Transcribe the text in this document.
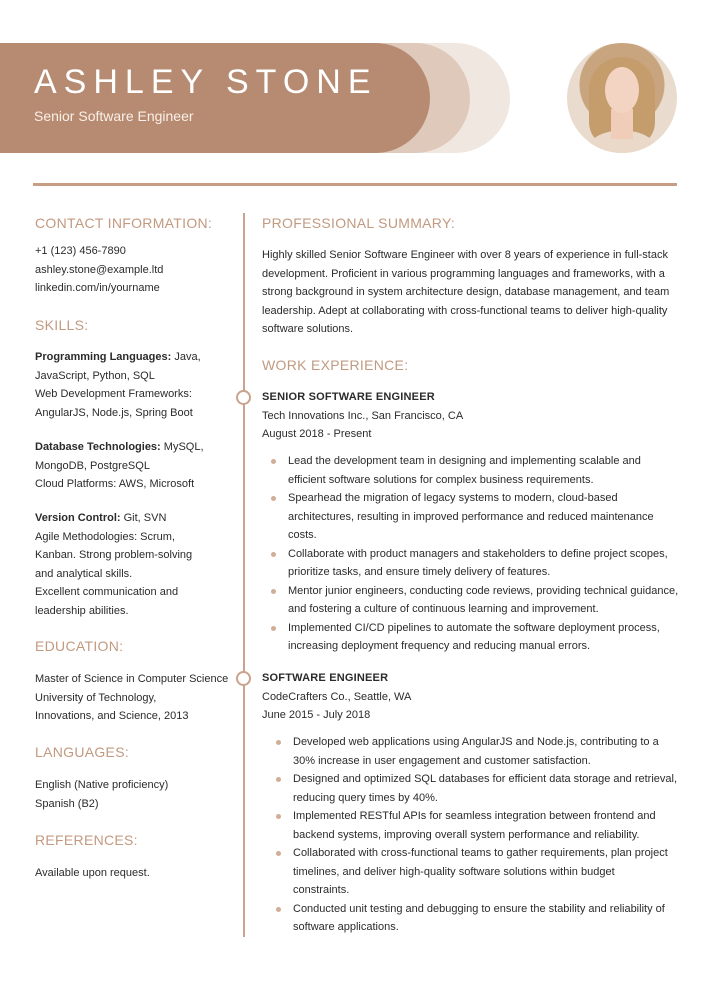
ASHLEY STONE
Senior Software Engineer
CONTACT INFORMATION:

+1 (123) 456-7890

ashley.stone@example.ltd

linkedin.com/in/yourname

SKILLS:

Programming Languages: Java,

JavaScript, Python, SQL

Web Development Frameworks:

AngularJS, Node.js, Spring Boot

Database Technologies: MySQL,

MongoDB, PostgreSQL

Cloud Platforms: AWS, Microsoft

Version Control: Git, SVN

Agile Methodologies: Scrum,

Kanban. Strong problem-solving

and analytical skills.

Excellent communication and

leadership abilities.

EDUCATION:

Master of Science in Computer Science

University of Technology,

Innovations, and Science, 2013

LANGUAGES:

English (Native proficiency)

Spanish (B2)

REFERENCES:

Available upon request.

PROFESSIONAL SUMMARY:

Highly skilled Senior Software Engineer with over 8 years of experience in full-stack

development. Proficient in various programming languages and frameworks, with a

strong background in system architecture design, database management, and team

leadership. Adept at collaborating with cross-functional teams to deliver high-quality

software solutions.

WORK EXPERIENCE:
SENIOR SOFTWARE ENGINEER
Tech Innovations Inc., San Francisco, CA
August 2018 - Present
Lead the development team in designing and implementing scalable and
efficient software solutions for complex business requirements.
Spearhead the migration of legacy systems to modern, cloud-based
architectures, resulting in improved performance and reduced maintenance
costs.
Collaborate with product managers and stakeholders to define project scopes,
prioritize tasks, and ensure timely delivery of features.
Mentor junior engineers, conducting code reviews, providing technical guidance,
and fostering a culture of continuous learning and improvement.
Implemented CI/CD pipelines to automate the software deployment process,
increasing deployment frequency and reducing manual errors.
SOFTWARE ENGINEER
CodeCrafters Co., Seattle, WA
June 2015 - July 2018
Developed web applications using AngularJS and Node.js, contributing to a
30% increase in user engagement and customer satisfaction.
Designed and optimized SQL databases for efficient data storage and retrieval,
reducing query times by 40%.
Implemented RESTful APIs for seamless integration between frontend and
backend systems, improving overall system performance and reliability.
Collaborated with cross-functional teams to gather requirements, plan project
timelines, and deliver high-quality software solutions within budget
constraints.
Conducted unit testing and debugging to ensure the stability and reliability of
software applications.
